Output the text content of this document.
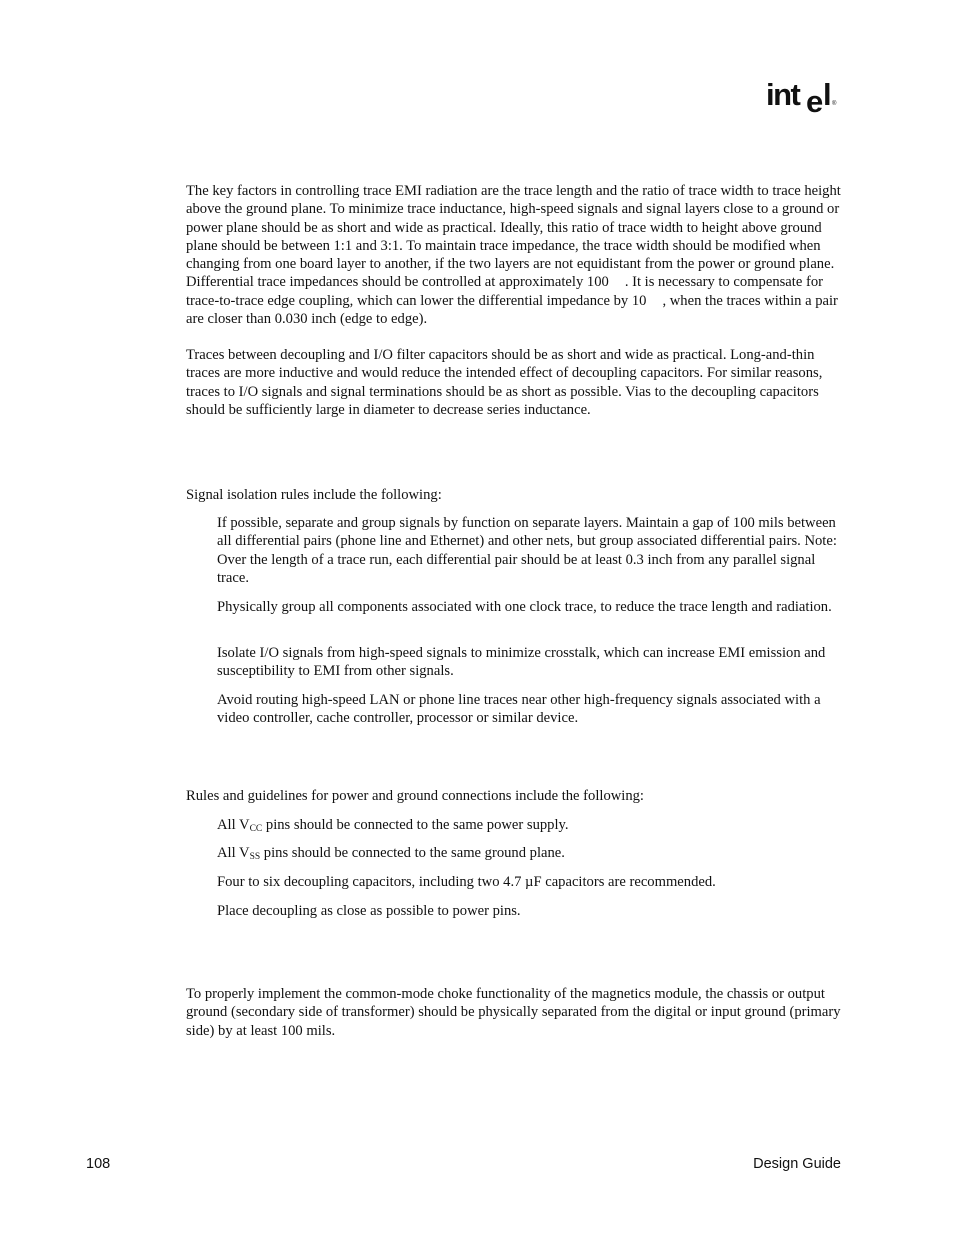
int e l ®

The key factors in controlling trace EMI radiation are the trace length and the ratio of trace width to trace height above the ground plane. To minimize trace inductance, high-speed signals and signal layers close to a ground or power plane should be as short and wide as practical. Ideally, this ratio of trace width to height above ground plane should be between 1:1 and 3:1. To maintain trace impedance, the trace width should be modified when changing from one board layer to another, if the two layers are not equidistant from the power or ground plane. Differential trace impedances should be controlled at approximately 100 . It is necessary to compensate for trace-to-trace edge coupling, which can lower the differential impedance by 10 , when the traces within a pair are closer than 0.030 inch (edge to edge).

Traces between decoupling and I/O filter capacitors should be as short and wide as practical. Long-and-thin traces are more inductive and would reduce the intended effect of decoupling capacitors. For similar reasons, traces to I/O signals and signal terminations should be as short as possible. Vias to the decoupling capacitors should be sufficiently large in diameter to decrease series inductance.

Signal isolation rules include the following:

If possible, separate and group signals by function on separate layers. Maintain a gap of 100 mils between all differential pairs (phone line and Ethernet) and other nets, but group associated differential pairs. Note: Over the length of a trace run, each differential pair should be at least 0.3 inch from any parallel signal trace.

Physically group all components associated with one clock trace, to reduce the trace length and radiation.

Isolate I/O signals from high-speed signals to minimize crosstalk, which can increase EMI emission and susceptibility to EMI from other signals.

Avoid routing high-speed LAN or phone line traces near other high-frequency signals associated with a video controller, cache controller, processor or similar device.

Rules and guidelines for power and ground connections include the following:

All $V_{CC}$ pins should be connected to the same power supply.

All $V_{SS}$ pins should be connected to the same ground plane.

Four to six decoupling capacitors, including two 4.7 µF capacitors are recommended.

Place decoupling as close as possible to power pins.

To properly implement the common-mode choke functionality of the magnetics module, the chassis or output ground (secondary side of transformer) should be physically separated from the digital or input ground (primary side) by at least 100 mils.

108	Design Guide
